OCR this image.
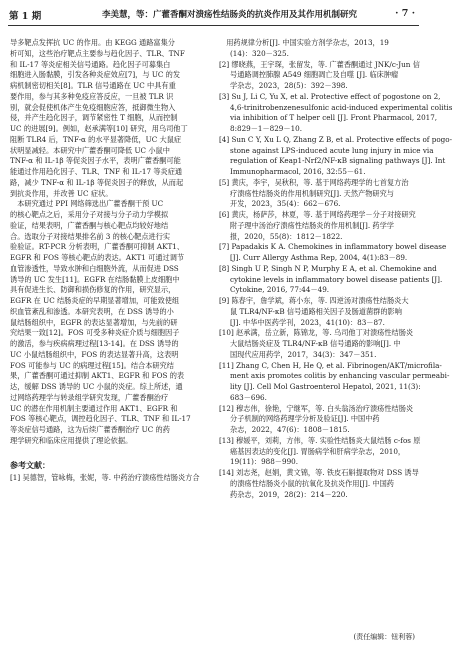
第 1 期	李美慧，等：广藿香酮对溃疡性结肠炎的抗炎作用及其作用机制研究	· 7 ·
导多靶点发挥抗 UC 的作用。由 KEGG 通路富集分
析可知，这些治疗靶点主要参与趋化因子、TLR、TNF
和 IL-17 等炎症相关信号通路。趋化因子可募集白
细胞进入肠黏膜，引发各种炎症效应[7]，与 UC 的发
病机制密切相关[8]。TLR 信号通路在 UC 中具有重
要作用，参与其多种免疫应答反应，一旦被 TLR 识
别，就会促使机体产生免疫细胞应答，抵御微生物入
侵，并产生趋化因子，调节紧密性 T 细胞，从而控制
UC 的进展[9]。例如，赵承满等[10] 研究，用乌司他丁
阻断 TLR4 后，TNF-α 的水平显著降低，UC 大鼠症
状明显减轻。本研究中广藿香酮可降低 UC 小鼠中
TNF-α 和 IL-1β 等促炎因子水平，表明广藿香酮可能
能通过作用趋化因子、TLR、TNF 和 IL-17 等炎症通
路，减少 TNF-α 和 IL-1β 等促炎因子的释放，从而起
到抗炎作用，并改善 UC 症状。
　本研究通过 PPI 网络筛选出广藿香酮干预 UC
的核心靶点之后，采用分子对接与分子动力学模拟
验证，结果表明，广藿香酮与核心靶点均较好地结
合。选取分子对接结果排名前 3 的核心靶点进行实
验验证。RT-PCR 分析表明，广藿香酮可抑制 AKT1、
EGFR 和 FOS 等核心靶点的表达。AKT1 可通过调节
血管渗透性，导致水肿和白细胞外流，从而促进 DSS
诱导的 UC 发生[11]。EGFR 在结肠黏膜上皮细胞中
具有促进生长、防御和损伤修复的作用，研究显示，
EGFR 在 UC 结肠炎症的早期显著增加，可能致使组
织血管紊乱和渗透。本研究表明，在 DSS 诱导的小
鼠结肠组织中，EGFR 的表达显著增加，与先前的研
究结果一致[12]。FOS 可受多种炎症介质与细胞因子
的激活，参与疾病病理过程[13-14]。在 DSS 诱导的
UC 小鼠结肠组织中，FOS 的表达显著升高，这表明
FOS 可能参与 UC 的病理过程[15]。结合本研究结
果，广藿香酮可通过抑制 AKT1、EGFR 和 FOS 的表
达，缓解 DSS 诱导的 UC 小鼠的炎症。综上所述，通
过网络药理学与转录组学研究发现，广藿香酮治疗
UC 的潜在作用机制主要通过作用 AKT1、EGFR 和
FOS 等核心靶点，调控趋化因子、TLR、TNF 和 IL-17
等炎症信号通路，这为后续广藿香酮治疗 UC 的药
理学研究和临床应用提供了理论依据。
参考文献：
[1] 吴德智，管咏梅，张妮，等. 中药治疗溃疡性结肠炎方合
　用药规律分析[J]. 中国实验方剂学杂志，2013，19
(14)：320－325.
[2] 缪晓燕，王宇琛，张留发，等. 广藿香酮通过 JNK/c-Jun 信
号通路调控肺腺 A549 细胞凋亡及自噬 [J]. 临床肿瘤
学杂志，2023，28(5)：392－398.
[3] Su J, Li C, Yu X, et al. Protective effect of pogostone on 2,
4,6-trinitrobenzenesulfonic acid-induced experimental colitis
via inhibition of T helper cell [J]. Front Pharmacol, 2017,
8:829－1－829－10.
[4] Sun C Y, Xu L Q, Zhang Z B, et al. Protective effects of pogo-
stone against LPS-induced acute lung injury in mice via
regulation of Keap1-Nrf2/NF-κB signaling pathways [J]. Int
Immunopharmacol, 2016, 32:55－61.
[5] 黄庆，李宇，吴秋积，等. 基于网络药理学的七首复方治
疗溃疡性结肠炎的作用机制研究[J]. 天然产物研究与
开发，2023，35(4)：662－676.
[6] 黄庆，杨萨莎，林夏，等. 基于网络药理学－分子对接研究
附子理中汤治疗溃疡性结肠炎的作用机制[J]. 药学学
报，2020，55(8)：1812－1822.
[7] Papadakis K A. Chemokines in inflammatory bowel disease
[J]. Curr Allergy Asthma Rep, 2004, 4(1):83－89.
[8] Singh U P, Singh N P, Murphy E A, et al. Chemokine and
cytokine levels in inflammatory bowel disease patients [J].
Cytokine, 2016, 77:44－49.
[9] 陈春宇，詹学斌，蒋小东，等. 四逆汤对溃疡性结肠炎大
鼠 TLR4/NF-κB 信号通路相关因子及肠道菌群的影响
[J]. 中华中医药学刊，2023，41(10)：83－87.
[10] 赵承满，岳立新，陈锦龙，等. 乌司他丁对溃疡性结肠炎
大鼠结肠炎症及 TLR4/NF-κB 信号通路的影响[J]. 中
国现代应用药学，2017，34(3)：347－351.
[11] Zhang C, Chen H, He Q, et al. Fibrinogen/AKT/microfila-
ment axis promotes colitis by enhancing vascular permeabi-
lity [J]. Cell Mol Gastroenterol Hepatol, 2021, 11(3):
683－696.
[12] 穆志伟，徐艳，宁继军，等. 白头翁汤治疗溃疡性结肠炎
分子机制的网络药理学分析及验证[J]. 中国中药
杂志，2022，47(6)：1808－1815.
[13] 穆媛平，刘莉，方伟，等. 实验性结肠炎大鼠结肠 c-fos 原
癌基因表达的变化[J]. 胃肠病学和肝病学杂志，2010，
19(11)：988－990.
[14] 刘志尧，赵娟，黄文锦，等. 铁皮石斛提取物对 DSS 诱导
的溃疡性结肠炎小鼠的抗氧化及抗炎作用[J]. 中国药
药杂志，2019，28(2)：214－220.
(责任编辑：钮利蓉)
